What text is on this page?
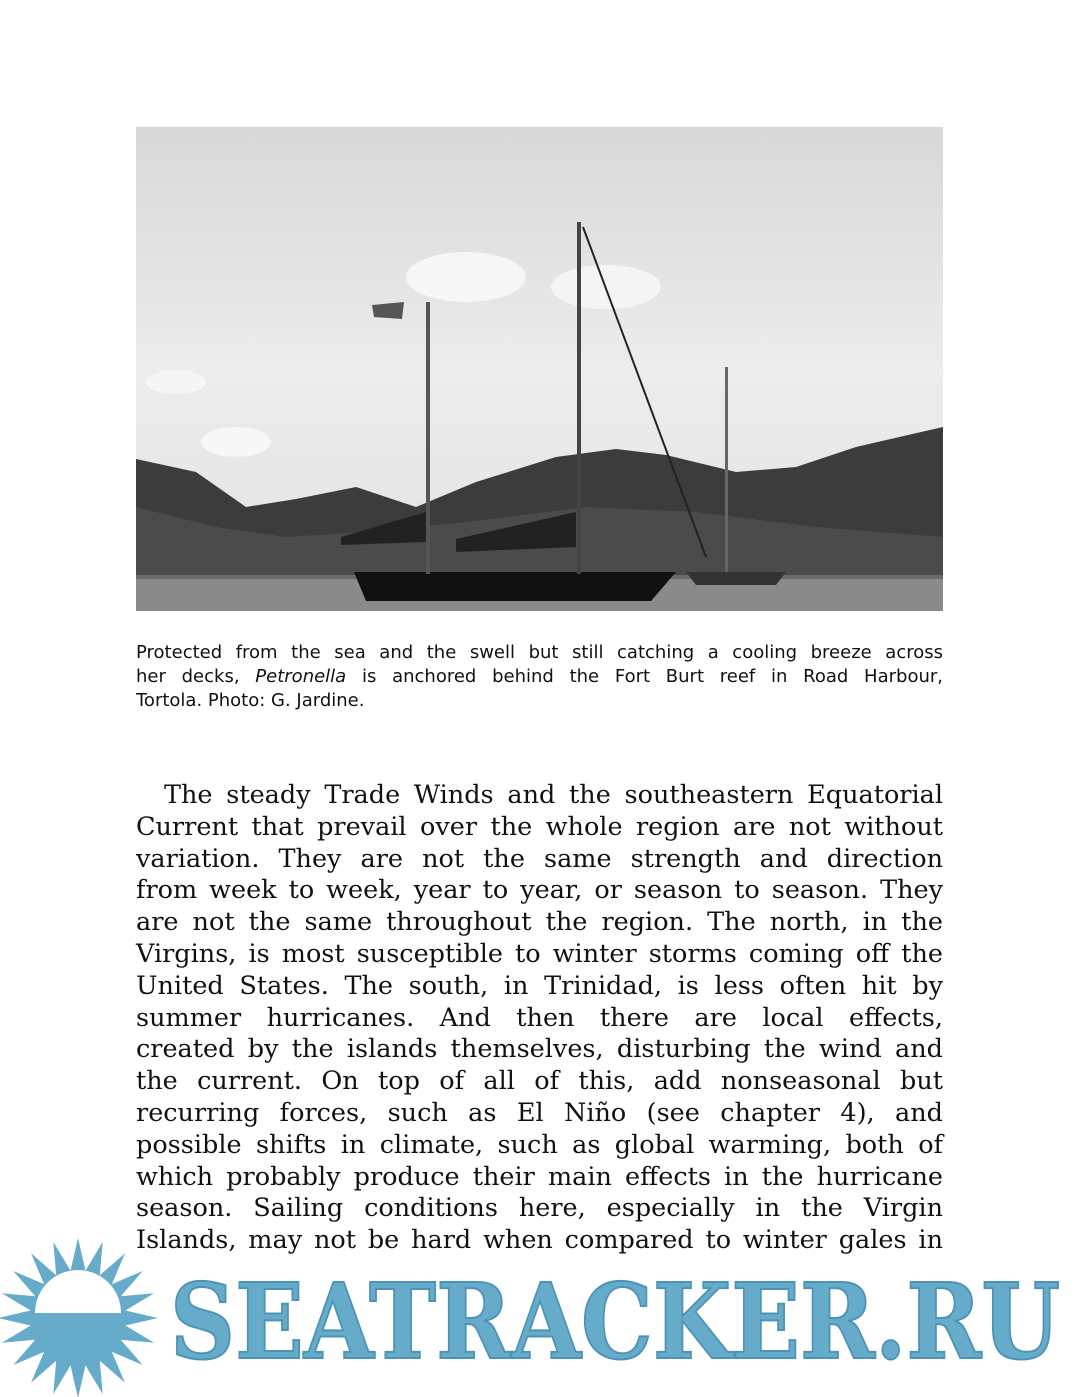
Protected from the sea and the swell but still catching a cooling breeze across
her decks, Petronella is anchored behind the Fort Burt reef in Road Harbour,
Tortola. Photo: G. Jardine.
The steady Trade Winds and the southeastern Equatorial
Current that prevail over the whole region are not without
variation. They are not the same strength and direction
from week to week, year to year, or season to season. They
are not the same throughout the region. The north, in the
Virgins, is most susceptible to winter storms coming off the
United States. The south, in Trinidad, is less often hit by
summer hurricanes. And then there are local effects,
created by the islands themselves, disturbing the wind and
the current. On top of all of this, add nonseasonal but
recurring forces, such as El Niño (see chapter 4), and
possible shifts in climate, such as global warming, both of
which probably produce their main effects in the hurricane
season. Sailing conditions here, especially in the Virgin
Islands, may not be hard when compared to winter gales in
SEATRACKER.RU
